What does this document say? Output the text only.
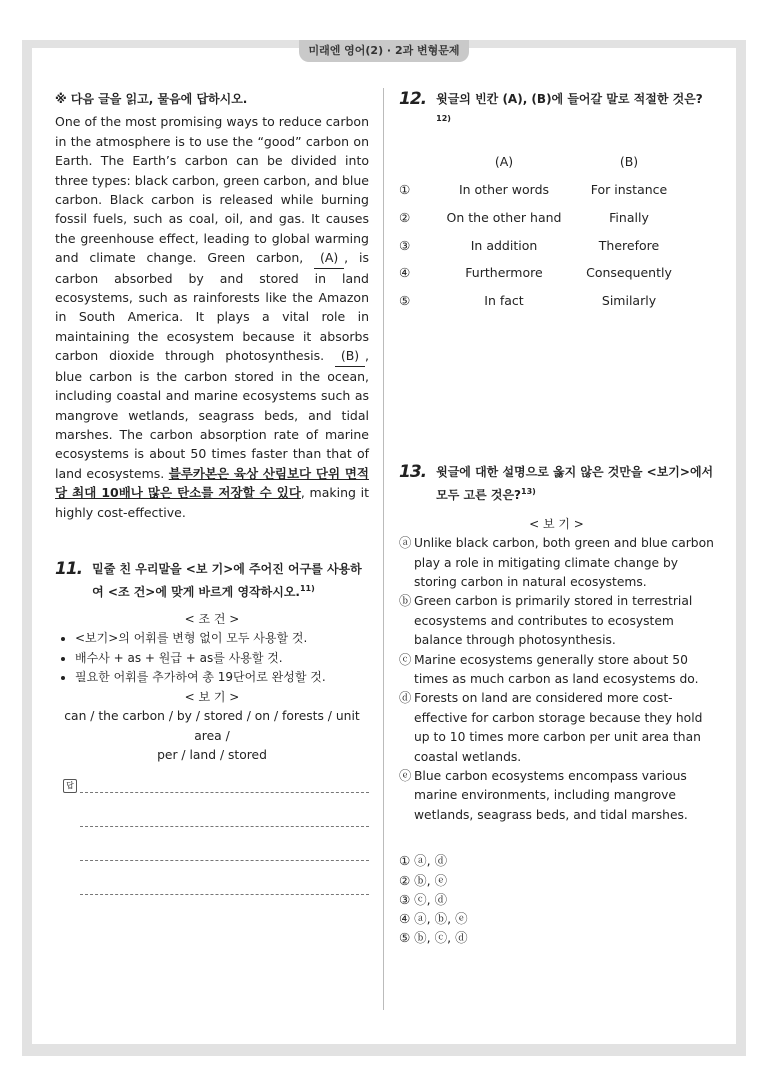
미래엔 영어(2) · 2과 변형문제
※ 다음 글을 읽고, 물음에 답하시오.
One of the most promising ways to reduce carbon in the atmosphere is to use the “good” carbon on Earth. The Earth’s carbon can be divided into three types: black carbon, green carbon, and blue carbon. Black carbon is released while burning fossil fuels, such as coal, oil, and gas. It causes the greenhouse effect, leading to global warming and climate change. Green carbon, (A) , is carbon absorbed by and stored in land ecosystems, such as rainforests like the Amazon in South America. It plays a vital role in maintaining the ecosystem because it absorbs carbon dioxide through photosynthesis. (B) , blue carbon is the carbon stored in the ocean, including coastal and marine ecosystems such as mangrove wetlands, seagrass beds, and tidal marshes. The carbon absorption rate of marine ecosystems is about 50 times faster than that of land ecosystems. 블루카본은 육상 산림보다 단위 면적당 최대 10배나 많은 탄소를 저장할 수 있다, making it highly cost-effective.
11. 밑줄 친 우리말을 <보 기>에 주어진 어구를 사용하여 <조 건>에 맞게 바르게 영작하시오.$^{11)}$
< 조 건 >
• <보기>의 어휘를 변형 없이 모두 사용할 것.
• 배수사 + as + 원급 + as를 사용할 것.
• 필요한 어휘를 추가하여 총 19단어로 완성할 것.
< 보 기 >
can / the carbon / by / stored / on / forests / unit area /
per / land / stored
답
12. 윗글의 빈칸 (A), (B)에 들어갈 말로 적절한 것은?$^{12)}$
	(A)	(B)
①	In other words	For instance
②	On the other hand	Finally
③	In addition	Therefore
④	Furthermore	Consequently
⑤	In fact	Similarly
13. 윗글에 대한 설명으로 옳지 않은 것만을 <보기>에서 모두 고른 것은?$^{13)}$
< 보 기 >
ⓐ Unlike black carbon, both green and blue carbon play a role in mitigating climate change by storing carbon in natural ecosystems.
ⓑ Green carbon is primarily stored in terrestrial ecosystems and contributes to ecosystem balance through photosynthesis.
ⓒ Marine ecosystems generally store about 50 times as much carbon as land ecosystems do.
ⓓ Forests on land are considered more cost-effective for carbon storage because they hold up to 10 times more carbon per unit area than coastal wetlands.
ⓔ Blue carbon ecosystems encompass various marine environments, including mangrove wetlands, seagrass beds, and tidal marshes.
① ⓐ, ⓓ
② ⓑ, ⓔ
③ ⓒ, ⓓ
④ ⓐ, ⓑ, ⓔ
⑤ ⓑ, ⓒ, ⓓ
